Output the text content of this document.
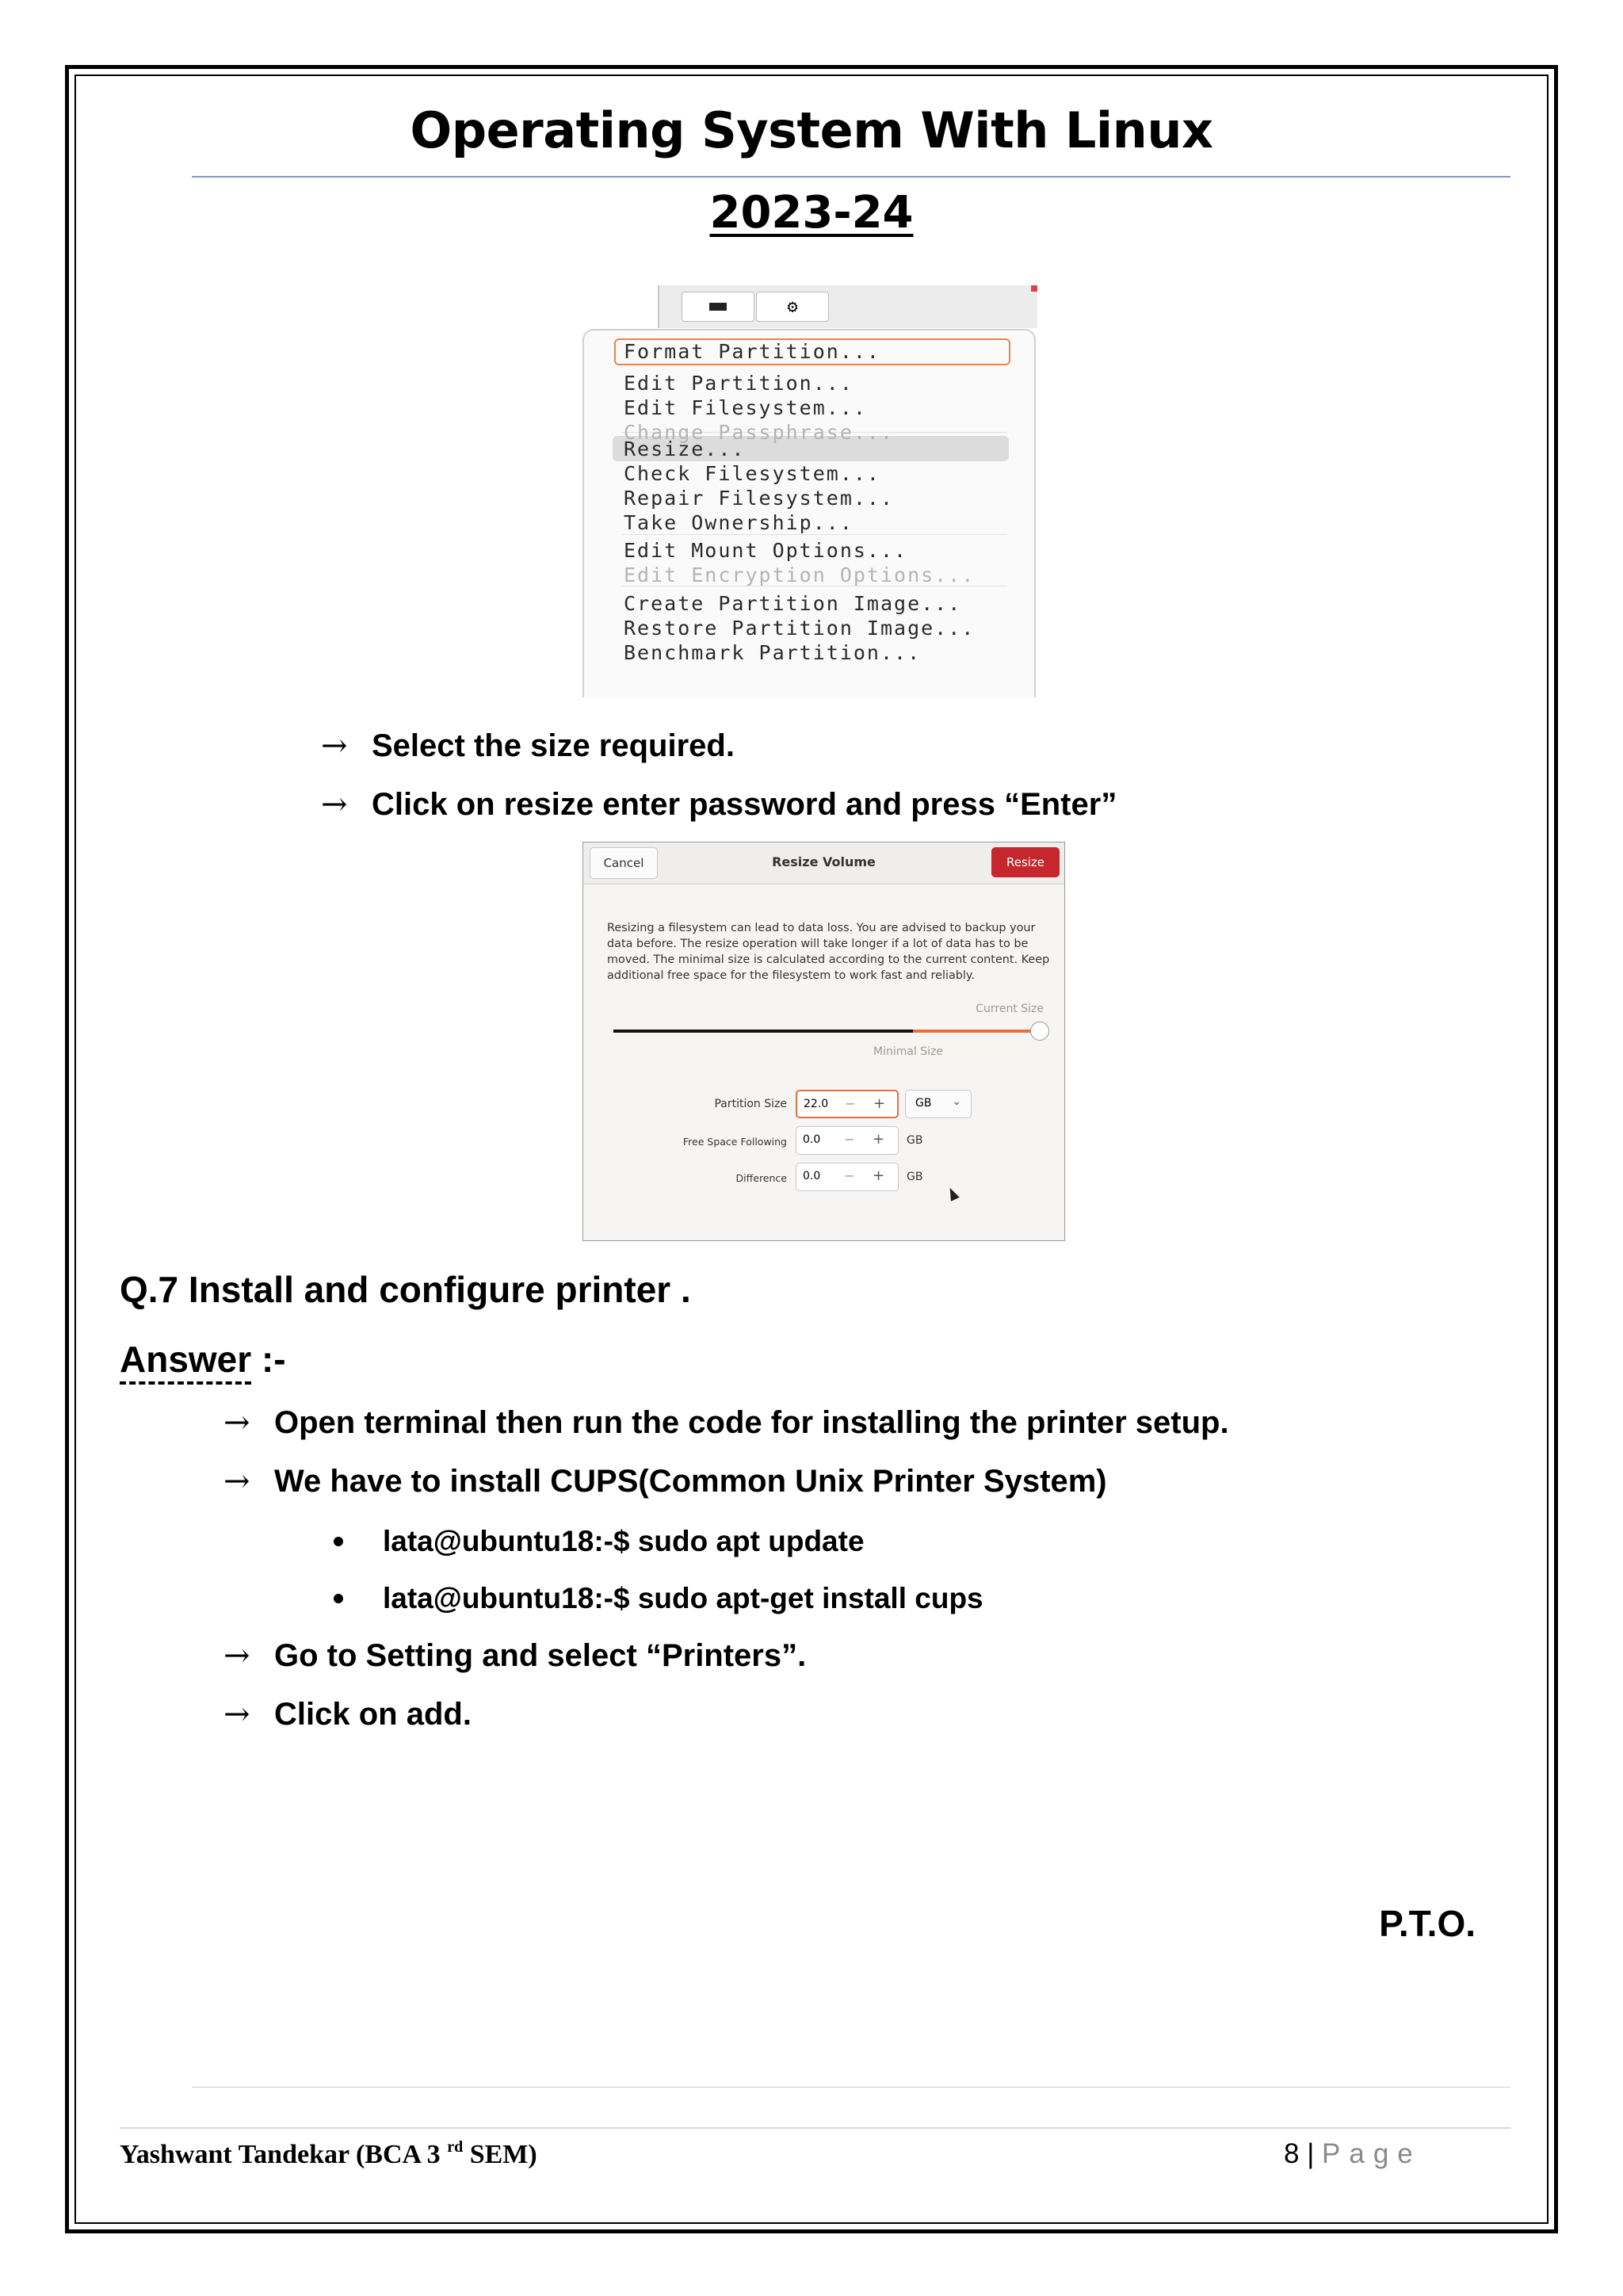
Operating System With Linux
2023-24
⚙
Format Partition...
Edit Partition...
Edit Filesystem...
Change Passphrase...
Resize...
Check Filesystem...
Repair Filesystem...
Take Ownership...
Edit Mount Options...
Edit Encryption Options...
Create Partition Image...
Restore Partition Image...
Benchmark Partition...
→ Select the size required.
→ Click on resize enter password and press “Enter”
Cancel	Resize Volume	Resize
Resizing a filesystem can lead to data loss. You are advised to backup your data before. The resize operation will take longer if a lot of data has to be moved. The minimal size is calculated according to the current content. Keep additional free space for the filesystem to work fast and reliably.
Current Size
Minimal Size
Partition Size 22.0 − +	GB ⌄
Free Space Following 0.0 − + GB
Difference 0.0 − + GB
Q.7 Install and configure printer .
Answer :-
→ Open terminal then run the code for installing the printer setup.
→ We have to install CUPS(Common Unix Printer System)
lata@ubuntu18:-$ sudo apt update
lata@ubuntu18:-$ sudo apt-get install cups
→ Go to Setting and select “Printers”.
→ Click on add.
P.T.O.
Yashwant Tandekar (BCA 3 $^{rd}$ SEM)	8 | Page
